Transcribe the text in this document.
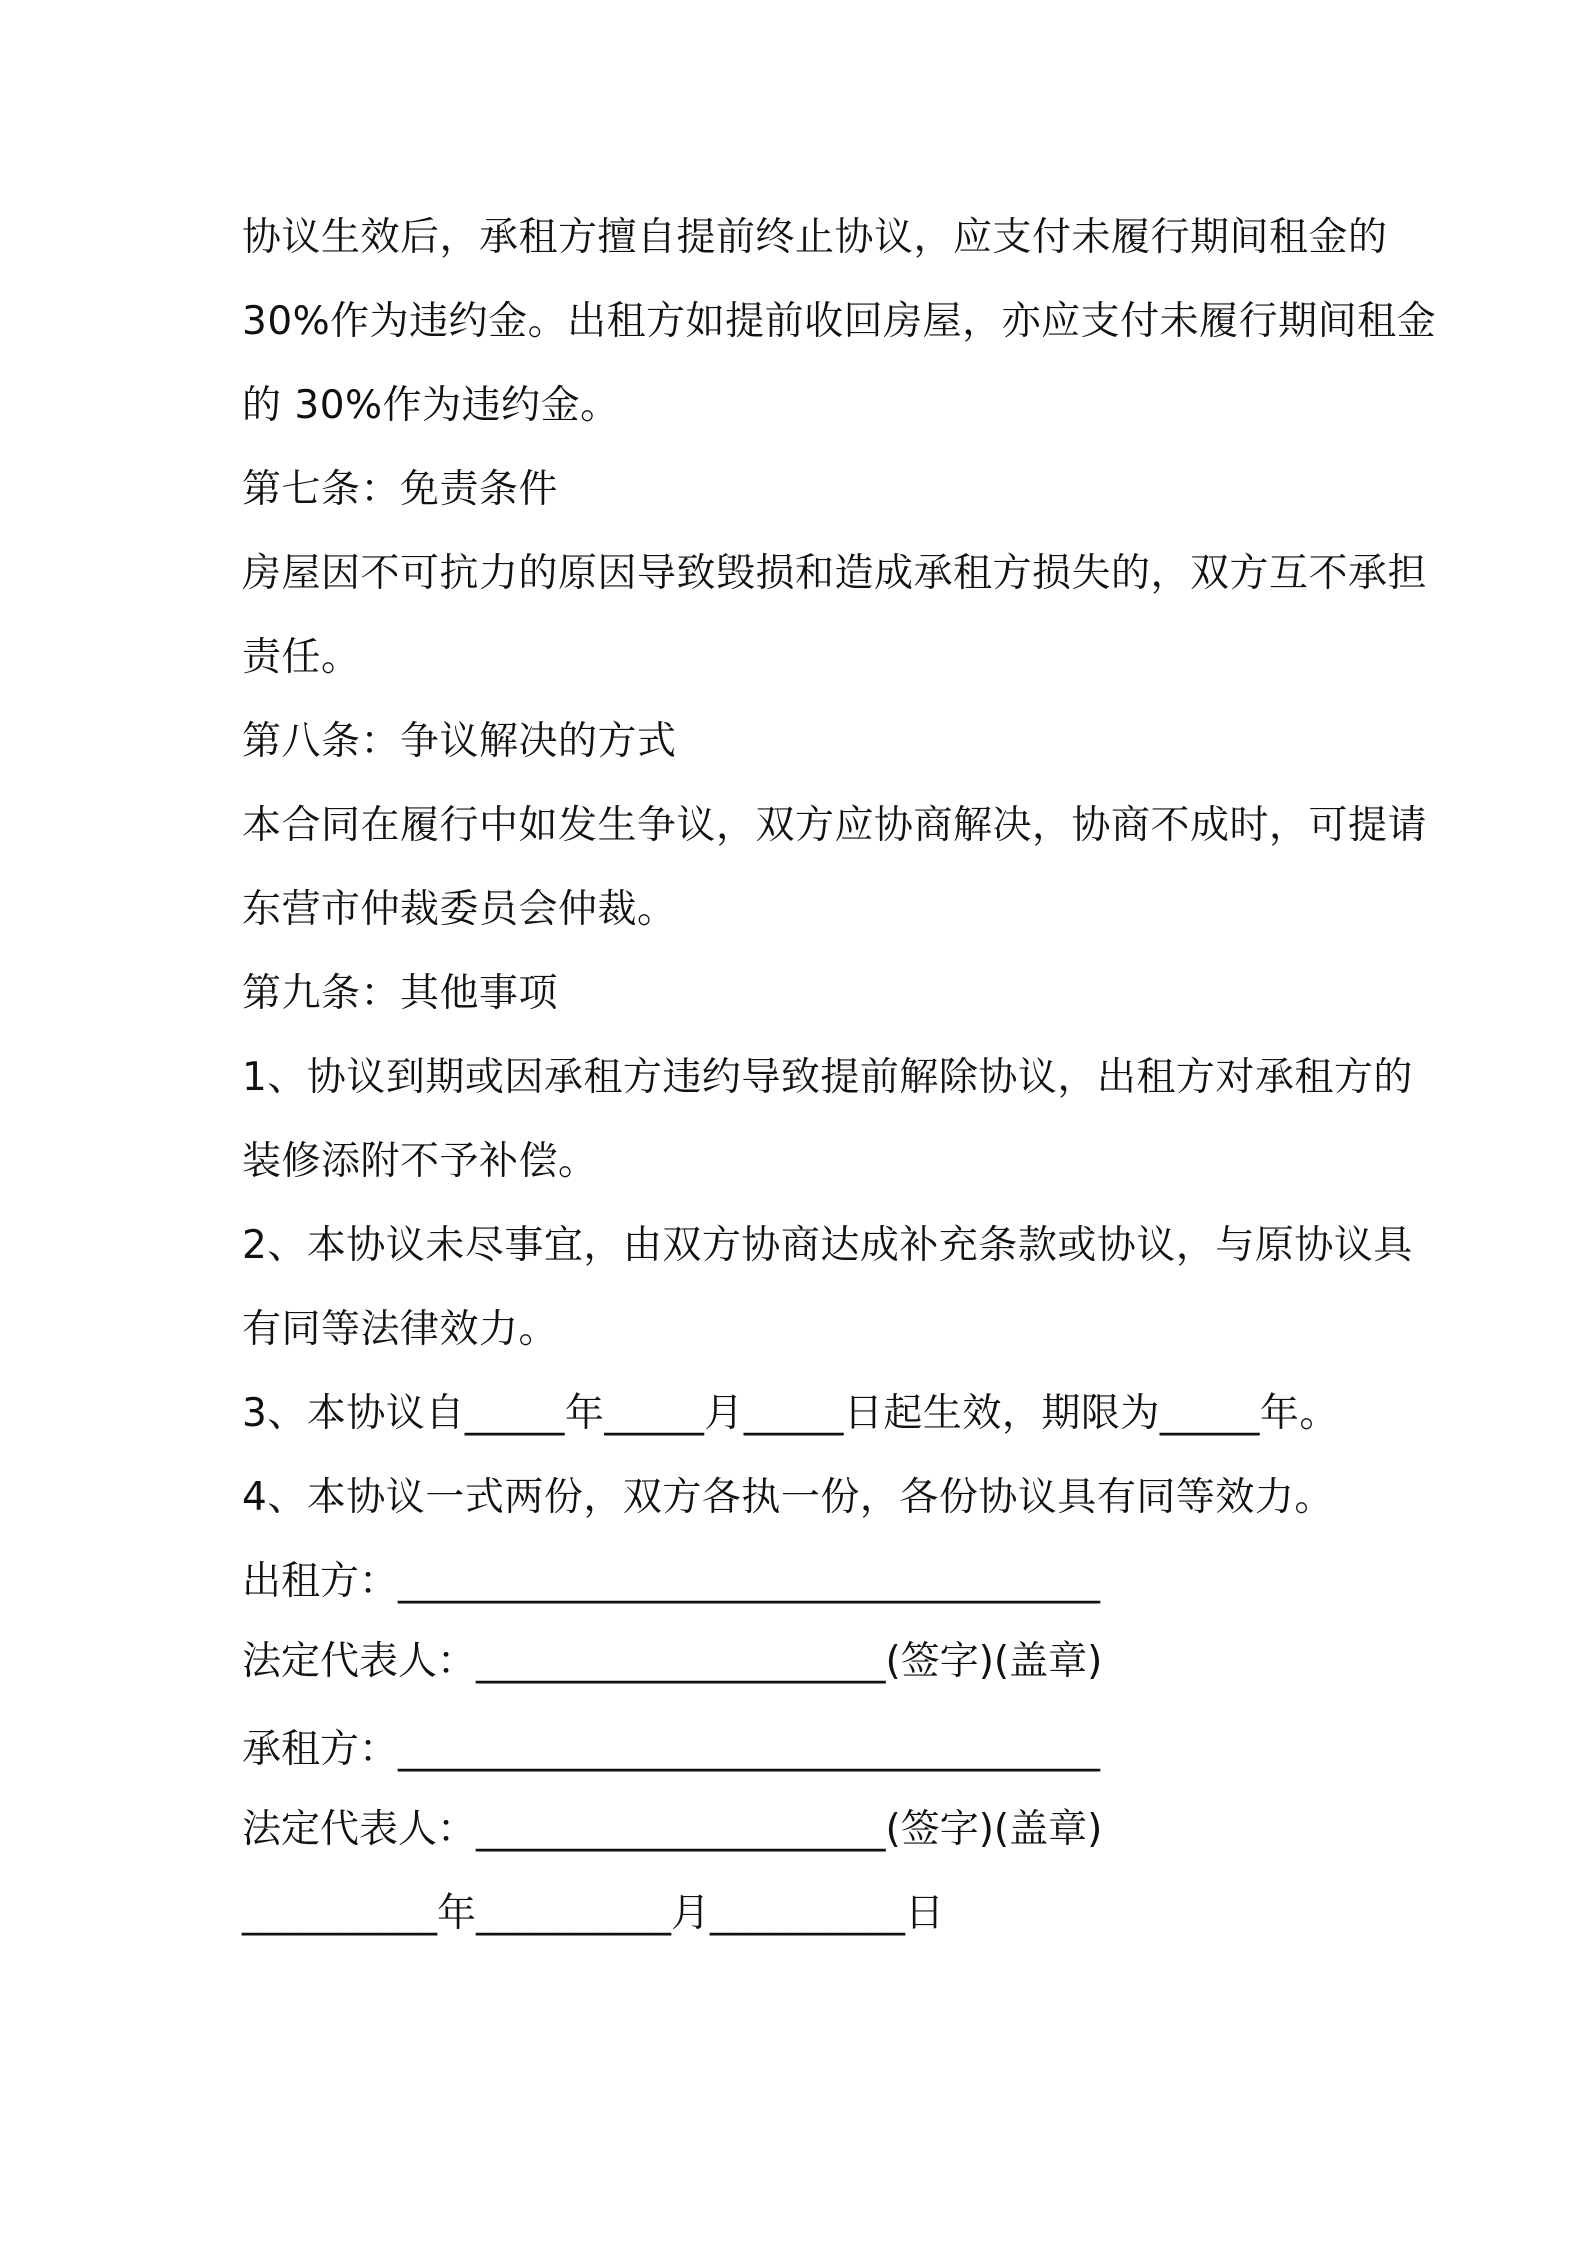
协议生效后，承租方擅自提前终止协议，应支付未履行期间租金的
30%作为违约金。出租方如提前收回房屋，亦应支付未履行期间租金
的 30%作为违约金。
第七条：免责条件
房屋因不可抗力的原因导致毁损和造成承租方损失的，双方互不承担
责任。
第八条：争议解决的方式
本合同在履行中如发生争议，双方应协商解决，协商不成时，可提请
东营市仲裁委员会仲裁。
第九条：其他事项
1、协议到期或因承租方违约导致提前解除协议，出租方对承租方的
装修添附不予补偿。
2、本协议未尽事宜，由双方协商达成补充条款或协议，与原协议具
有同等法律效力。
3、本协议自_____年_____月_____日起生效，期限为_____年。
4、本协议一式两份，双方各执一份，各份协议具有同等效力。
出租方：____________________________________
法定代表人：_____________________(签字)(盖章)
承租方：____________________________________
法定代表人：_____________________(签字)(盖章)
__________年__________月__________日
